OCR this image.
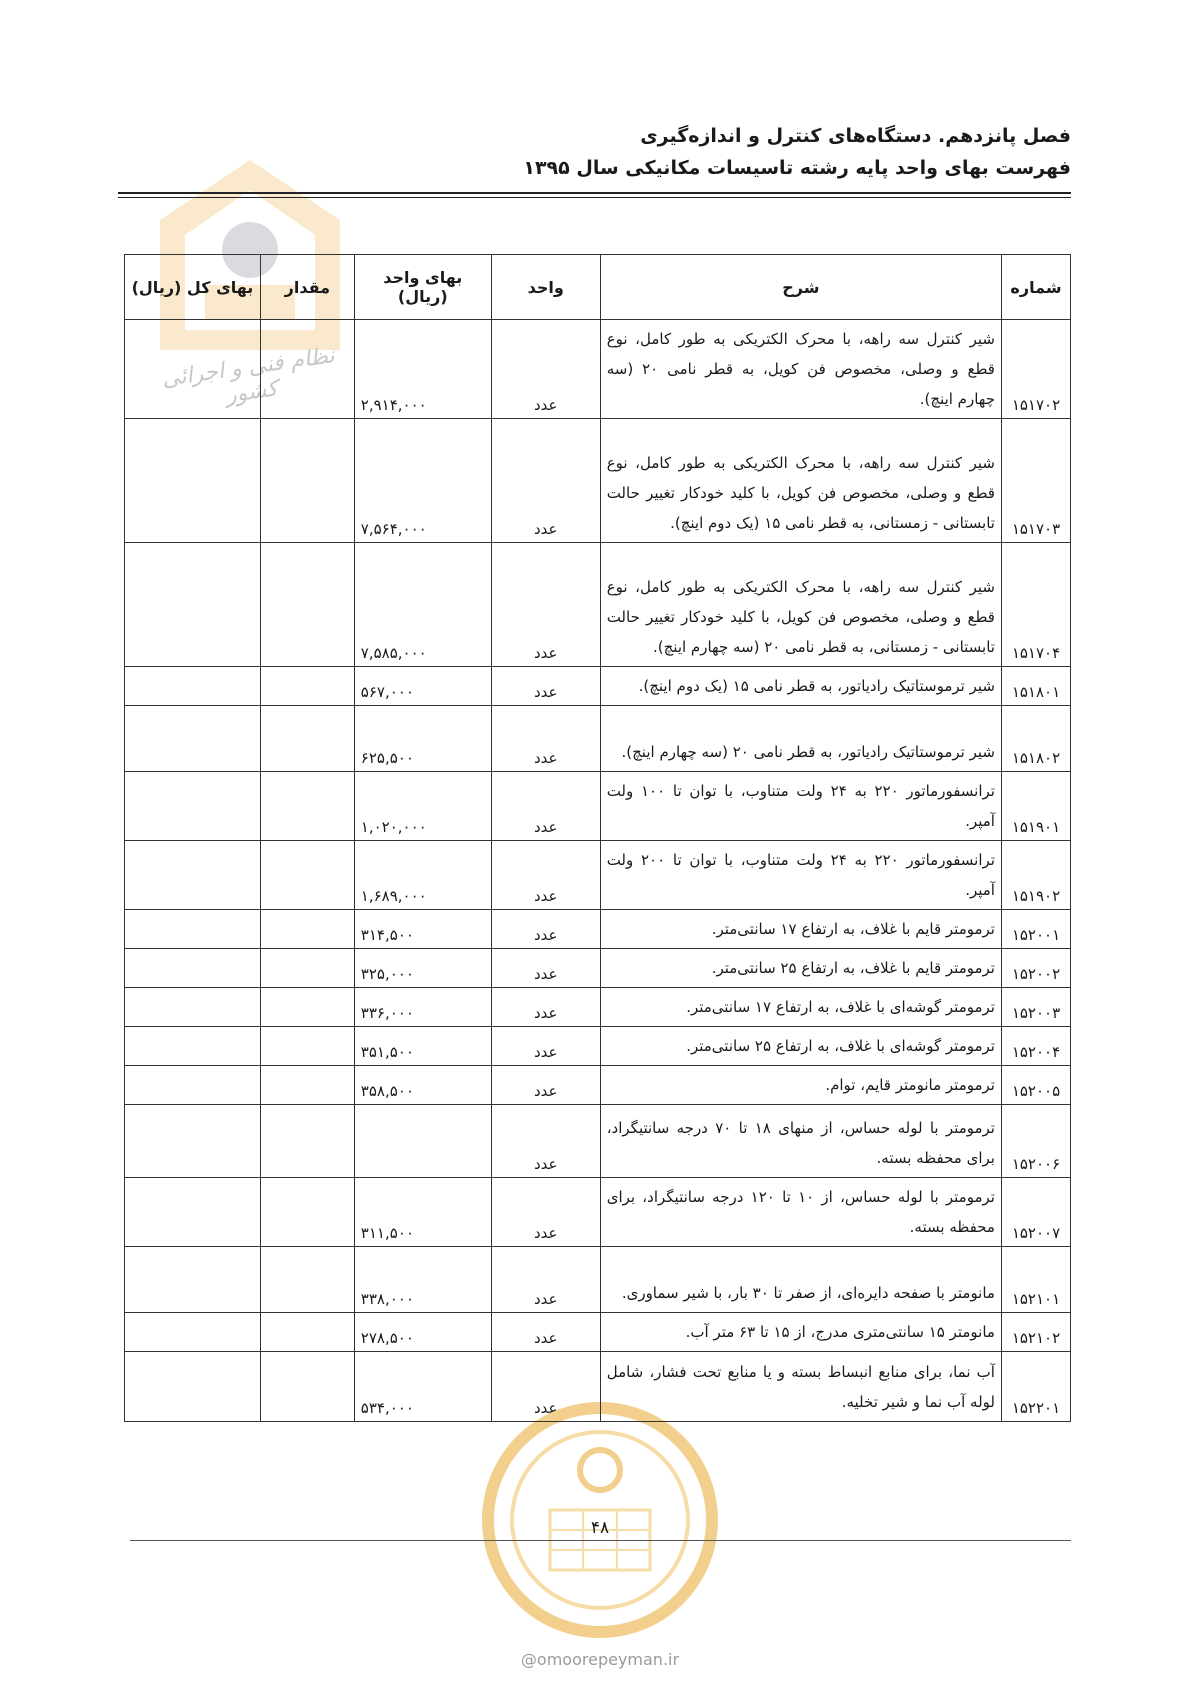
نظام فنی و اجرائی کشور
فصل پانزدهم. دستگاه‌های کنترل و اندازه‌گیری
فهرست بهای واحد پایه رشته تاسیسات مکانیکی سال ۱۳۹۵
شماره	شرح	واحد	بهای واحد (ریال)	مقدار	بهای کل (ریال)
۱۵۱۷۰۲	شیر کنترل سه راهه، با محرک الکتریکی به طور کامل، نوع قطع و وصلی، مخصوص فن کویل، به قطر نامی ۲۰ (سه چهارم اینچ).	عدد	۲,۹۱۴,۰۰۰		
۱۵۱۷۰۳	شیر کنترل سه راهه، با محرک الکتریکی به طور کامل، نوع قطع و وصلی، مخصوص فن کویل، با کلید خودکار تغییر حالت تابستانی - زمستانی، به قطر نامی ۱۵ (یک دوم اینچ).	عدد	۷,۵۶۴,۰۰۰		
۱۵۱۷۰۴	شیر کنترل سه راهه، با محرک الکتریکی به طور کامل، نوع قطع و وصلی، مخصوص فن کویل، با کلید خودکار تغییر حالت تابستانی - زمستانی، به قطر نامی ۲۰ (سه چهارم اینچ).	عدد	۷,۵۸۵,۰۰۰		
۱۵۱۸۰۱	شیر ترموستاتیک رادیاتور، به قطر نامی ۱۵ (یک دوم اینچ).	عدد	۵۶۷,۰۰۰		
۱۵۱۸۰۲	شیر ترموستاتیک رادیاتور، به قطر نامی ۲۰ (سه چهارم اینچ).	عدد	۶۲۵,۵۰۰		
۱۵۱۹۰۱	ترانسفورماتور ۲۲۰ به ۲۴ ولت متناوب، با توان تا ۱۰۰ ولت آمپر.	عدد	۱,۰۲۰,۰۰۰		
۱۵۱۹۰۲	ترانسفورماتور ۲۲۰ به ۲۴ ولت متناوب، با توان تا ۲۰۰ ولت آمپر.	عدد	۱,۶۸۹,۰۰۰		
۱۵۲۰۰۱	ترمومتر قایم با غلاف، به ارتفاع ۱۷ سانتی‌متر.	عدد	۳۱۴,۵۰۰		
۱۵۲۰۰۲	ترمومتر قایم با غلاف، به ارتفاع ۲۵ سانتی‌متر.	عدد	۳۲۵,۰۰۰		
۱۵۲۰۰۳	ترمومتر گوشه‌ای با غلاف، به ارتفاع ۱۷ سانتی‌متر.	عدد	۳۳۶,۰۰۰		
۱۵۲۰۰۴	ترمومتر گوشه‌ای با غلاف، به ارتفاع ۲۵ سانتی‌متر.	عدد	۳۵۱,۵۰۰		
۱۵۲۰۰۵	ترمومتر مانومتر قایم، توام.	عدد	۳۵۸,۵۰۰		
۱۵۲۰۰۶	ترمومتر با لوله حساس، از منهای ۱۸ تا ۷۰ درجه سانتیگراد، برای محفظه بسته.	عدد			
۱۵۲۰۰۷	ترمومتر با لوله حساس، از ۱۰ تا ۱۲۰ درجه سانتیگراد، برای محفظه بسته.	عدد	۳۱۱,۵۰۰		
۱۵۲۱۰۱	مانومتر با صفحه دایره‌ای، از صفر تا ۳۰ بار، با شیر سماوری.	عدد	۳۳۸,۰۰۰		
۱۵۲۱۰۲	مانومتر ۱۵ سانتی‌متری مدرج، از ۱۵ تا ۶۳ متر آب.	عدد	۲۷۸,۵۰۰		
۱۵۲۲۰۱	آب نما، برای منابع انبساط بسته و یا منابع تحت فشار، شامل لوله آب نما و شیر تخلیه.	عدد	۵۳۴,۰۰۰		
۴۸
@omoorepeyman.ir
